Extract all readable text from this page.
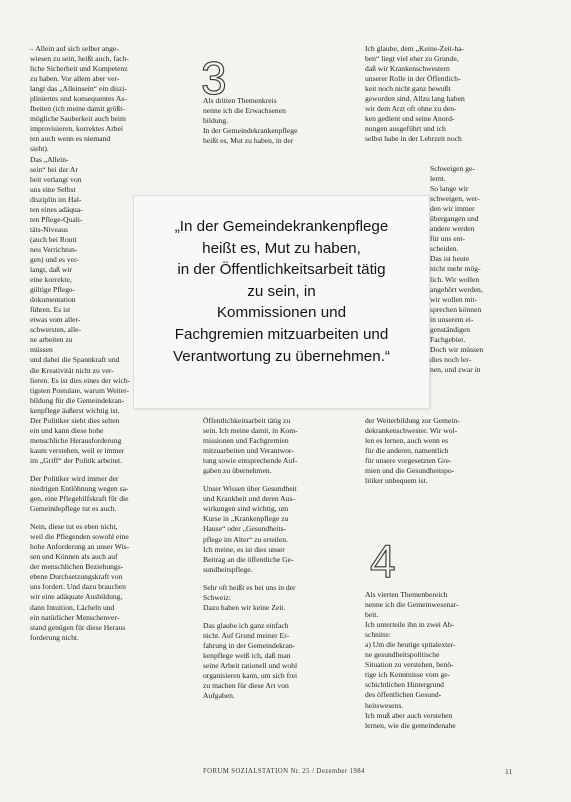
– Allein auf sich selber ange-

wiesen zu sein, heißt auch, fach-

liche Sicherheit und Kompetenz

zu haben. Vor allem aber ver-

langt das „Alleinsein“ ein diszi-

pliniertes und konsequentes As-

Ibeiten (ich meine damit größt-

mögliche Sauberkeit auch beim

improvisieren, korrektes Arbei

ten auch wenn es niemand

sieht).

Das „Allein-

sein“ bei der Ar

beit verlangt von

uns eine Selbst

disziplin im Hal-

ten eines adäqua-

ten Pflege-Quali-

täts-Niveaus

(auch bei Routi

neu Verrichtun-

gen) und es ver-

langt, daß wir

eine korrekte,

gültige Pflege-

dokumentation

führen. Es ist

etwas vom aller-

schwersten, alle-

ne arbeiten zu

müssen

und dabei die Spannkraft und

die Kreativität nicht zu ver-

lieren. Es ist dies eines der wich-

tigsten Postulate, warum Weiter-

bildung für die Gemeindekran-

kenpflege äußerst wichtig ist.

Der Politiker sieht dies selten

ein und kann diese hohe

menschliche Herausforderung

kaum verstehen, weil er immer

im „Griff“ der Politik arbeitet.

Der Politiker wird immer der

niedrigen Entlöhnung wegen sa-

gen, eine Pflegehilfskraft für die

Gemeindepflege tut es auch.

Nein, diese tut es eben nicht,

weil die Pflegenden sowohl eine

hohe Anforderung an unser Wis-

sen und Können als auch auf

der menschlichen Beziehungs-

ebene Durchsetzungskraft von

uns fordert. Und dazu brauchen

wir eine adäquate Ausbildung,

dann Intuition, Lächeln und

ein natürlicher Menschenver-

stand genügen für diese Heraus

forderung nicht.

3

Als dritten Themenkreis

nenne ich die Erwachsenen

bildung.

In der Gemeindekrankenpflege

heißt es, Mut zu haben, in der

„In der Gemeindekrankenpflege

heißt es, Mut zu haben,

in der Öffentlichkeitsarbeit tätig

zu sein, in

Kommissionen und

Fachgremien mitzuarbeiten und

Verantwortung zu übernehmen.“

Öffentlichkeitsarbeit tätig zu

sein. Ich meine damit, in Kom-

missionen und Fachgremien

mitzuarbeiten und Verantwor-

tung sowie entsprechende Auf-

gaben zu übernehmen.

Unser Wissen über Gesundheit

und Krankheit und deren Aus-

wirkungen sind wichtig, um

Kurse in „Krankenpflege zu

Hause“ oder „Gesundheits-

pflege im Alter“ zu erteilen.

Ich meine, es ist dies unser

Beitrag an die öffentliche Ge-

sundheitspflege.

Sehr oft heißt es bei uns in der

Schweiz:

Dazu haben wir keine Zeit.

Das glaube ich ganz einfach

nicht. Auf Grund meiner Er-

fahrung in der Gemeindekran-

kenpflege weiß ich, daß man

seine Arbeit rationell und wohl

organisieren kann, um sich frei

zu machen für diese Art von

Aufgaben.

Ich glaube, dem „Keine-Zeit-ha-

ben“ liegt viel eher zu Grunde,

daß wir Krankenschwestern

unserer Rolle in der Öffentlich-

keit noch nicht ganz bewußt

geworden sind. Allzu lang haben

wir dem Arzt oft ohne zu den-

ken gedient und seine Anord-

nungen ausgeführt und ich

selbst habe in der Lehrzeit noch

Schweigen ge-

lernt.

So lange wir

schweigen, wer-

den wir immer

übergangen und

andere werden

für uns ent-

scheiden.

Das ist heute

nicht mehr mög-

lich. Wir wollen

angehört werden,

wir wollen mit-

sprechen können

in unserem ei-

genständigen

Fachgebiet.

Doch wir müssen

dies noch ler-

nen, und zwar in

der Weiterbildung zur Gemein-

dekrankenschwester. Wir wol-

len es lernen, auch wenn es

für die anderen, namentlich

für unsere vorgesetzten Gre-

mien und die Gesundheitspo-

litiker unbequem ist.

4

Als vierten Themenbereich

nenne ich die Gemeinwesenar-

beit.

Ich unterteile ihn in zwei Ab-

schnitte:

a) Um die heutige spitalexter-

ne gesundheitspolitische

Situation zu verstehen, benö-

tige ich Kenntnisse vom ge-

schichtlichen Hintergrund

des öffentlichen Gesund-

heitswesens.

Ich muß aber auch verstehen

lernen, wie die gemeindenahe

FORUM SOZIALSTATION Nr. 25 / Dezember 1984	11
